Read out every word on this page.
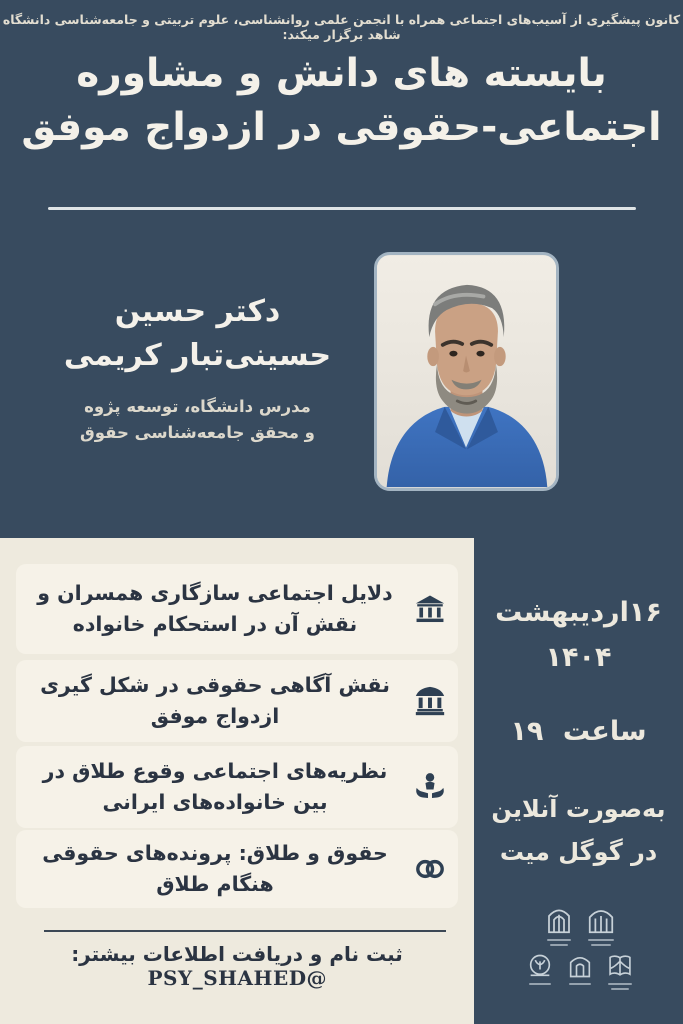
کانون پیشگیری از آسیب‌های اجتماعی همراه با انجمن علمی روانشناسی، علوم تربیتی و جامعه‌شناسی دانشگاه شاهد برگزار میکند:
بایسته های دانش و مشاوره
اجتماعی-حقوقی در ازدواج موفق
دکتر حسین
حسینی‌تبار کریمی
مدرس دانشگاه، توسعه پژوه
و محقق جامعه‌شناسی حقوق
دلایل اجتماعی سازگاری همسران و نقش آن در استحکام خانواده
نقش آگاهی حقوقی در شکل گیری ازدواج موفق
نظریه‌های اجتماعی وقوع طلاق در بین خانواده‌های ایرانی
حقوق و طلاق: پرونده‌های حقوقی هنگام طلاق
ثبت نام و دریافت اطلاعات بیشتر: @PSY_SHAHED
۱۶اردیبهشت
۱۴۰۴
ساعت ۱۹
به‌صورت آنلاین
در گوگل میت
